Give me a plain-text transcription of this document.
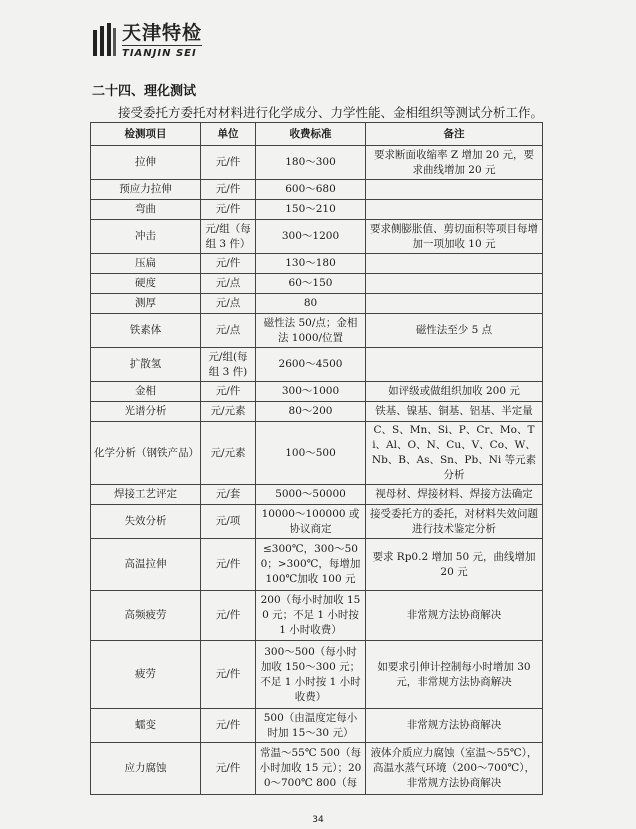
天津特检
TIANJIN SEI
二十四、理化测试
接受委托方委托对材料进行化学成分、力学性能、金相组织等测试分析工作。
检测项目	单位	收费标准	备注
拉伸	元/件	180～300	要求断面收缩率 Z 增加 20 元，要求曲线增加 20 元
预应力拉伸	元/件	600～680	
弯曲	元/件	150～210	
冲击	元/组（每组 3 件）	300～1200	要求侧膨胀值、剪切面积等项目每增加一项加收 10 元
压扁	元/件	130～180	
硬度	元/点	60～150	
测厚	元/点	80	
铁素体	元/点	磁性法 50/点；金相法 1000/位置	磁性法至少 5 点
扩散氢	元/组(每组 3 件)	2600～4500	
金相	元/件	300～1000	如评级或做组织加收 200 元
光谱分析	元/元素	80～200	铁基、镍基、铜基、铝基、半定量
化学分析（钢铁产品）	元/元素	100～500	C、S、Mn、Si、P、Cr、Mo、Ti、Al、O、N、Cu、V、Co、W、Nb、B、As、Sn、Pb、Ni 等元素分析
焊接工艺评定	元/套	5000～50000	视母材、焊接材料、焊接方法确定
失效分析	元/项	10000～100000 或协议商定	接受委托方的委托，对材料失效问题进行技术鉴定分析
高温拉伸	元/件	≤300℃，300～500；>300℃，每增加 100℃加收 100 元	要求 Rp0.2 增加 50 元，曲线增加 20 元
高频疲劳	元/件	200（每小时加收 150 元；不足 1 小时按 1 小时收费）	非常规方法协商解决
疲劳	元/件	300～500（每小时加收 150～300 元；不足 1 小时按 1 小时收费）	如要求引伸计控制每小时增加 30 元，非常规方法协商解决
蠕变	元/件	500（由温度定每小时加 15～30 元）	非常规方法协商解决
应力腐蚀	元/件	常温～55℃ 500（每小时加收 15 元）；200～700℃ 800（每	液体介质应力腐蚀（室温～55℃），高温水蒸气环境（200～700℃），非常规方法协商解决
34
